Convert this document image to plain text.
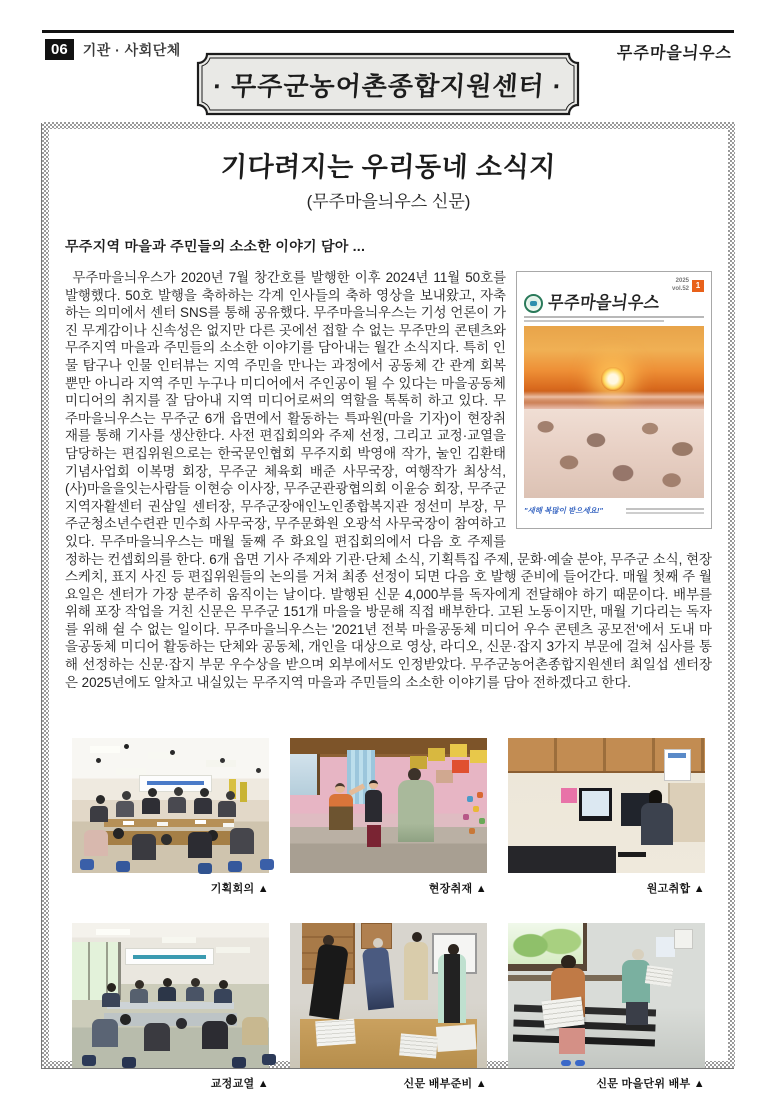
06	기관 · 사회단체	무주마을늬우스
· 무주군농어촌종합지원센터 ·
기다려지는 우리동네 소식지
(무주마을늬우스 신문)
무주지역 마을과 주민들의 소소한 이야기 담아 ...
2025
vol.52 1
무주마을늬우스
"새해 복많이 받으세요!"

무주마을늬우스가 2020년 7월 창간호를 발행한 이후 2024년 11월 50호를 발행했다. 50호 발행을 축하하는 각계 인사들의 축하 영상을 보내왔고, 자축하는 의미에서 센터 SNS를 통해 공유했다. 무주마을늬우스는 기성 언론이 가진 무게감이나 신속성은 없지만 다른 곳에선 접할 수 없는 무주만의 콘텐츠와 무주지역 마을과 주민들의 소소한 이야기를 담아내는 월간 소식지다. 특히 인물 탐구나 인물 인터뷰는 지역 주민을 만나는 과정에서 공동체 간 관계 회복뿐만 아니라 지역 주민 누구나 미디어에서 주인공이 될 수 있다는 마을공동체 미디어의 취지를 잘 담아내 지역 미디어로써의 역할을 톡톡히 하고 있다. 무주마을늬우스는 무주군 6개 읍면에서 활동하는 특파원(마을 기자)이 현장취재를 통해 기사를 생산한다. 사전 편집회의와 주제 선정, 그리고 교정·교열을 담당하는 편집위원으로는 한국문인협회 무주지회 박영애 작가, 눌인 김환태 기념사업회 이복명 회장, 무주군 체육회 배준 사무국장, 여행작가 최상석, (사)마을을잇는사람들 이현승 이사장, 무주군관광협의회 이윤승 회장, 무주군지역자활센터 권삼일 센터장, 무주군장애인노인종합복지관 정선미 부장, 무주군청소년수련관 민수희 사무국장, 무주문화원 오광석 사무국장이 참여하고 있다. 무주마을늬우스는 매월 둘째 주 화요일 편집회의에서 다음 호 주제를 정하는 컨셉회의를 한다. 6개 읍면 기사 주제와 기관·단체 소식, 기획특집 주제, 문화·예술 분야, 무주군 소식, 현장 스케치, 표지 사진 등 편집위원들의 논의를 거쳐 최종 선정이 되면 다음 호 발행 준비에 들어간다. 매월 첫째 주 월요일은 센터가 가장 분주히 움직이는 날이다. 발행된 신문 4,000부를 독자에게 전달해야 하기 때문이다. 배부를 위해 포장 작업을 거친 신문은 무주군 151개 마을을 방문해 직접 배부한다. 고된 노동이지만, 매월 기다리는 독자를 위해 쉴 수 없는 일이다. 무주마을늬우스는 '2021년 전북 마을공동체 미디어 우수 콘텐츠 공모전'에서 도내 마을공동체 미디어 활동하는 단체와 공동체, 개인을 대상으로 영상, 라디오, 신문·잡지 3가지 부문에 걸쳐 심사를 통해 선정하는 신문·잡지 부문 우수상을 받으며 외부에서도 인정받았다. 무주군농어촌종합지원센터 최일섭 센터장은 2025년에도 알차고 내실있는 무주지역 마을과 주민들의 소소한 이야기를 담아 전하겠다고 한다.

기획회의 ▲	현장취재 ▲	원고취합 ▲
교정교열 ▲	신문 배부준비 ▲	신문 마을단위 배부 ▲
